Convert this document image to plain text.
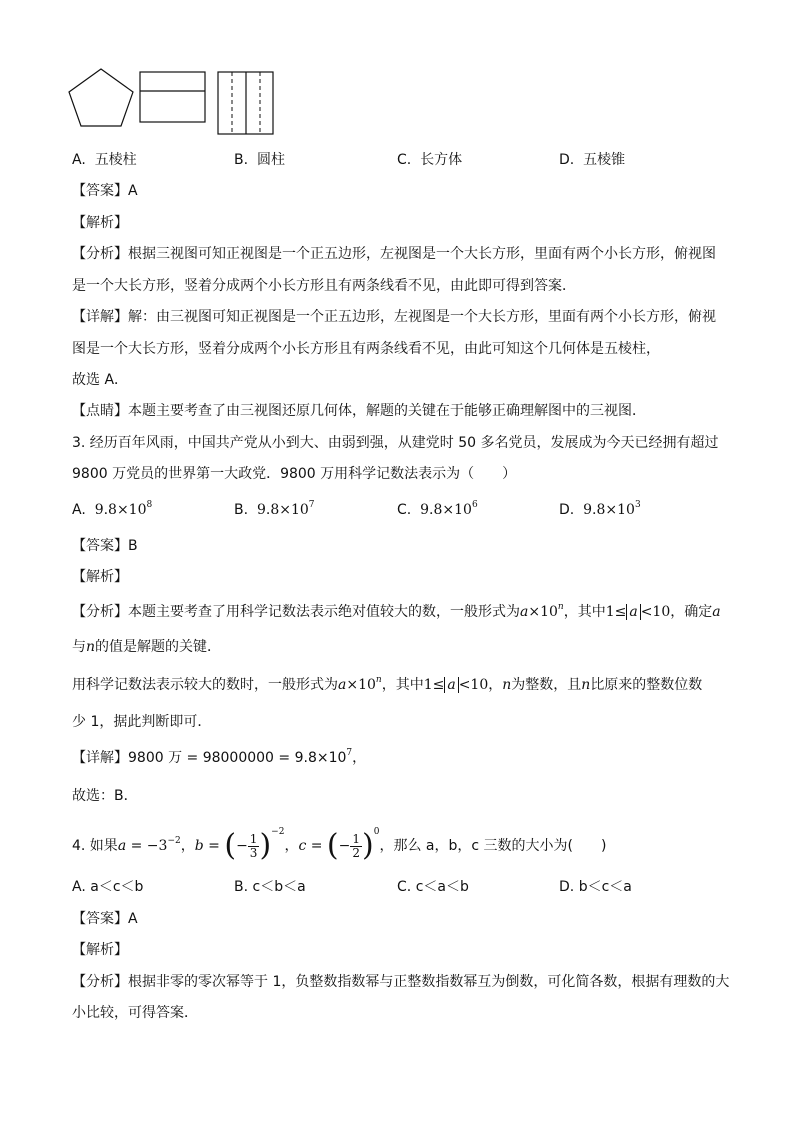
A. 五棱柱	B. 圆柱	C. 长方体	D. 五棱锥
【答案】A
【解析】
【分析】根据三视图可知正视图是一个正五边形，左视图是一个大长方形，里面有两个小长方形，俯视图
是一个大长方形，竖着分成两个小长方形且有两条线看不见，由此即可得到答案．
【详解】解：由三视图可知正视图是一个正五边形，左视图是一个大长方形，里面有两个小长方形，俯视
图是一个大长方形，竖着分成两个小长方形且有两条线看不见，由此可知这个几何体是五棱柱，
故选 A．
【点睛】本题主要考查了由三视图还原几何体，解题的关键在于能够正确理解图中的三视图．
3. 经历百年风雨，中国共产党从小到大、由弱到强，从建党时 50 多名党员，发展成为今天已经拥有超过
9800 万党员的世界第一大政党．9800 万用科学记数法表示为（　　）
A. $9.8\times 10^8$	B. $9.8\times 10^7$	C. $9.8\times 10^6$	D. $9.8\times 10^3$
【答案】B
【解析】
【分析】本题主要考查了用科学记数法表示绝对值较大的数，一般形式为$a\times 10^n$，其中1≤ a <10，确定a
与n的值是解题的关键．
用科学记数法表示较大的数时，一般形式为$a\times 10^n$，其中1≤ a <10，n为整数，且n比原来的整数位数
少 1，据此判断即可．
【详解】9800 万 = $98000000 = 9.8\times 10^7$，
故选：B．
4. 如果$a = -3^{-2}$，b = (− $\frac{1}{3} )^{-2}$，c = (− $\frac{1}{2} )^0$，那么 a，b，c 三数的大小为(　　)
A. a＜c＜b	B. c＜b＜a	C. c＜a＜b	D. b＜c＜a
【答案】A
【解析】
【分析】根据非零的零次幂等于 1，负整数指数幂与正整数指数幂互为倒数，可化简各数，根据有理数的大
小比较，可得答案．
